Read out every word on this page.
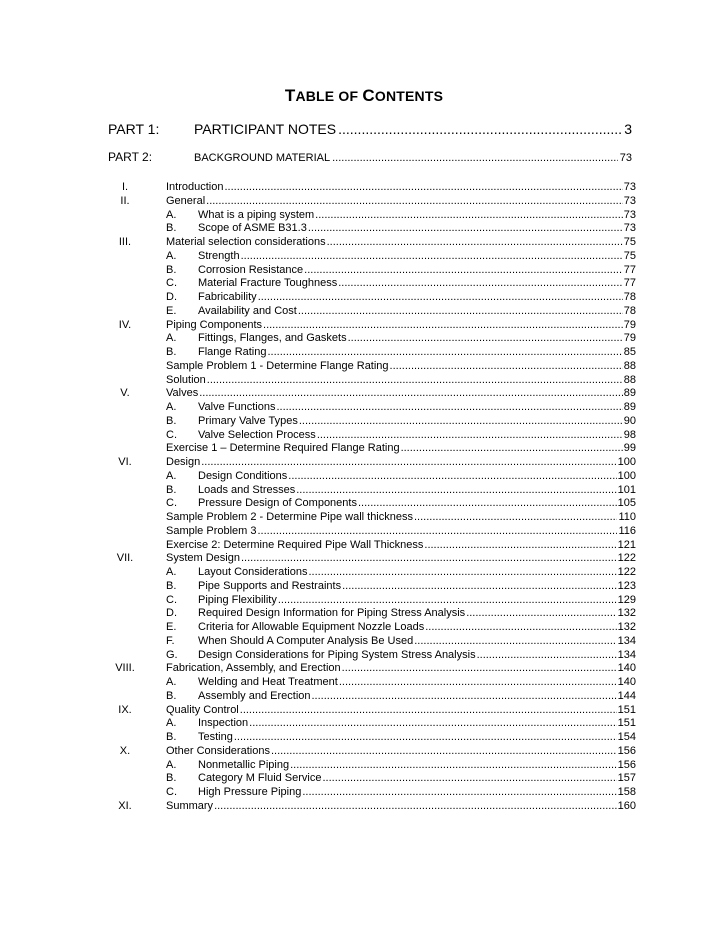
TABLE OF CONTENTS
PART 1:	PARTICIPANT NOTES .....	3
PART 2:	BACKGROUND MATERIAL .....	73
I.	Introduction .....	73
II.	General .....	73
A.	What is a piping system .....	73
B.	Scope of ASME B31.3 .....	73
III.	Material selection considerations .....	75
A.	Strength .....	75
B.	Corrosion Resistance .....	77
C.	Material Fracture Toughness .....	77
D.	Fabricability .....	78
E.	Availability and Cost .....	78
IV.	Piping Components .....	79
A.	Fittings, Flanges, and Gaskets .....	79
B.	Flange Rating .....	85
Sample Problem 1 - Determine Flange Rating .....	88
Solution .....	88
V.	Valves .....	89
A.	Valve Functions .....	89
B.	Primary Valve Types .....	90
C.	Valve Selection Process .....	98
Exercise 1 – Determine Required Flange Rating .....	99
VI.	Design .....	100
A.	Design Conditions .....	100
B.	Loads and Stresses .....	101
C.	Pressure Design of Components .....	105
Sample Problem 2 - Determine Pipe wall thickness .....	110
Sample Problem 3 .....	116
Exercise 2: Determine Required Pipe Wall Thickness .....	121
VII.	System Design .....	122
A.	Layout Considerations .....	122
B.	Pipe Supports and Restraints .....	123
C.	Piping Flexibility .....	129
D.	Required Design Information for Piping Stress Analysis .....	132
E.	Criteria for Allowable Equipment Nozzle Loads .....	132
F.	When Should A Computer Analysis Be Used .....	134
G.	Design Considerations for Piping System Stress Analysis .....	134
VIII.	Fabrication, Assembly, and Erection .....	140
A.	Welding and Heat Treatment .....	140
B.	Assembly and Erection .....	144
IX.	Quality Control .....	151
A.	Inspection .....	151
B.	Testing .....	154
X.	Other Considerations .....	156
A.	Nonmetallic Piping .....	156
B.	Category M Fluid Service .....	157
C.	High Pressure Piping .....	158
XI.	Summary .....	160
